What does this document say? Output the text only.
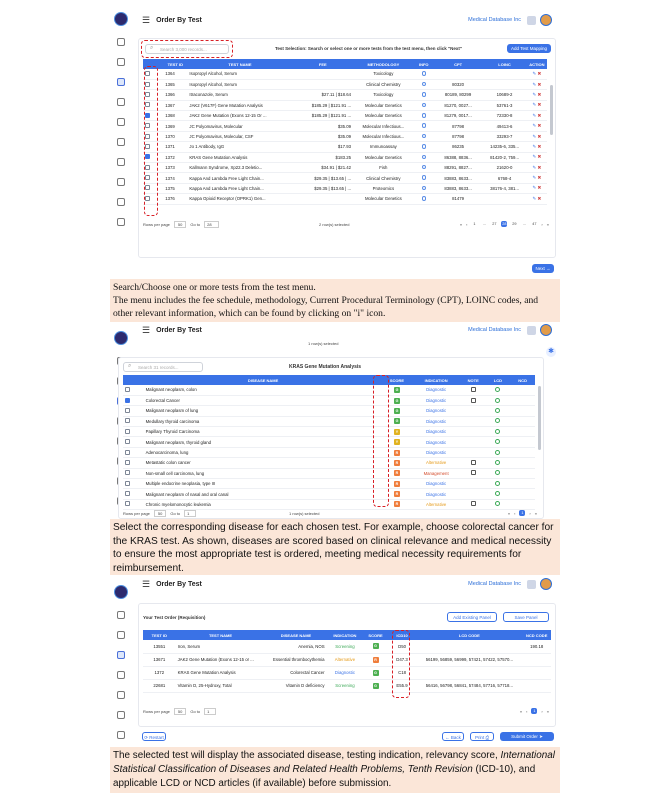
☰ Order By Test	Medical Database Inc
⌕ Search 3,000 records...	Test Selection: Search or select one or more tests from the test menu, then click "Next"	Add Test Mapping
	TEST ID	TEST NAME	FEE	METHODOLOGY	INFO	CPT	LOINC	ACTION
	1364	Isopropyl Alcohol, Serum		Toxicology				✎ ✖
	1365	Isopropyl Alcohol, Serum		Clinical Chemistry		80320		✎ ✖
	1366	Itraconazole, Serum	$27.11 | $18.64	Toxicology		80189, 80299	10689-2	✎ ✖
	1367	JAK2 (V617F) Gene Mutation Analysis	$185.29 | $121.91 ...	Molecular Genetics		81270, 0027...	53761-3	✎ ✖
	1368	JAK2 Gene Mutation (Exons 12-15 Or ...	$185.29 | $121.91 ...	Molecular Genetics		81279, 0017...	72330-8	✎ ✖
	1369	JC Polyomavirus, Molecular	$35.09	Molecular Infectious...		87798	49413-6	✎ ✖
	1370	JC Polyomavirus, Molecular, CSF	$35.09	Molecular Infectious...		87798	33293-7	✎ ✖
	1371	Jo 1 Antibody, IgG	$17.93	Immunoassay		86235	14235-6, 335...	✎ ✖
	1372	KRAS Gene Mutation Analysis	$183.25	Molecular Genetics		86388, 8836...	81420-2, 759...	✎ ✖
	1373	Kallmann Syndrome, Xp22.3 Deletio...	$34.91 | $21.42	Fish		88291, 8827...	21620-0	✎ ✖
	1374	Kappa And Lambda Free Light Chain...	$29.35 | $13.65 | ...	Clinical Chemistry		83883, 8633...	6768-4	✎ ✖
	1375	Kappa And Lambda Free Light Chain...	$29.35 | $13.65 | ...	Proteomics		83883, 8633...	38176-4, 381...	✎ ✖
	1376	Kappa Opioid Receptor (OPRK1) Gen...		Molecular Genetics		81479		✎ ✖
Rows per page	50	Go to	28	2 row(s) selected	« ‹	1	...	27 28 29	...	47 › »
Next →
Search/Choose one or more tests from the test menu.
The menu includes the fee schedule, methodology, Current Procedural Terminology (CPT), LOINC codes, and other relevant information, which can be found by clicking on "i" icon.
☰ Order By Test	Medical Database Inc
1 row(s) selected
✱
⌕ Search 31 records...	KRAS Gene Mutation Analysis
	DISEASE NAME	SCORE	INDICATION	NOTE	LCD	NCD
	Malignant neoplasm, colon	G	Diagnostic			
	Colorectal Cancer	G	Diagnostic			
	Malignant neoplasm of lung	G	Diagnostic			
	Medullary thyroid carcinoma	G	Diagnostic			
	Papillary Thyroid Carcinoma	Y	Diagnostic			
	Malignant neoplasm, thyroid gland	Y	Diagnostic			
	Adenocarcinoma, lung	R	Diagnostic			
	Metastatic colon cancer	R	Alternative			
	Non-small cell carcinoma, lung	R	Management			
	Multiple endocrine neoplasia, type III	R	Diagnostic			
	Malignant neoplasm of nasal and oral canal	R	Diagnostic			
	Chronic myelomonocytic leukemia	R	Alternative			
Rows per page	50	Go to	1	1 row(s) selected	« ‹	1	› »
Select the corresponding disease for each chosen test. For example, choose colorectal cancer for the KRAS test. As shown, diseases are scored based on clinical relevance and medical necessity to ensure the most appropriate test is ordered, meeting medical necessity requirements for reimbursement.
☰ Order By Test	Medical Database Inc
Your Test Order (Requisition)	Add Existing Panel	Save Panel
TEST ID	TEST NAME	DISEASE NAME	INDICATION	SCORE	ICD10	LCD CODE	NCD CODE
13551	Iron, Serum	Anemia, NOS	Screening	G	D50		190.18
13671	JAK2 Gene Mutation (Exons 12-15 or ...	Essential thrombocythemia	Alternative	R	D47.3	56199, 56859, 56999, 57421, 57422, 57570...	
1372	KRAS Gene Mutation Analysis	Colorectal Cancer	Diagnostic	G	C18		
22681	Vitamin D, 25-Hydroxy, Total	Vitamin D deficiency	Screening	G	E55.9	56416, 56798, 56841, 57484, 57716, 57718...	
Rows per page	50	Go to	1	« ‹	1	› »
⟳ Restart	← Back	Print ⎙	Submit Order ➤
The selected test will display the associated disease, testing indication, relevancy score, International Statistical Classification of Diseases and Related Health Problems, Tenth Revision (ICD-10), and applicable LCD or NCD articles (if available) before submission.
